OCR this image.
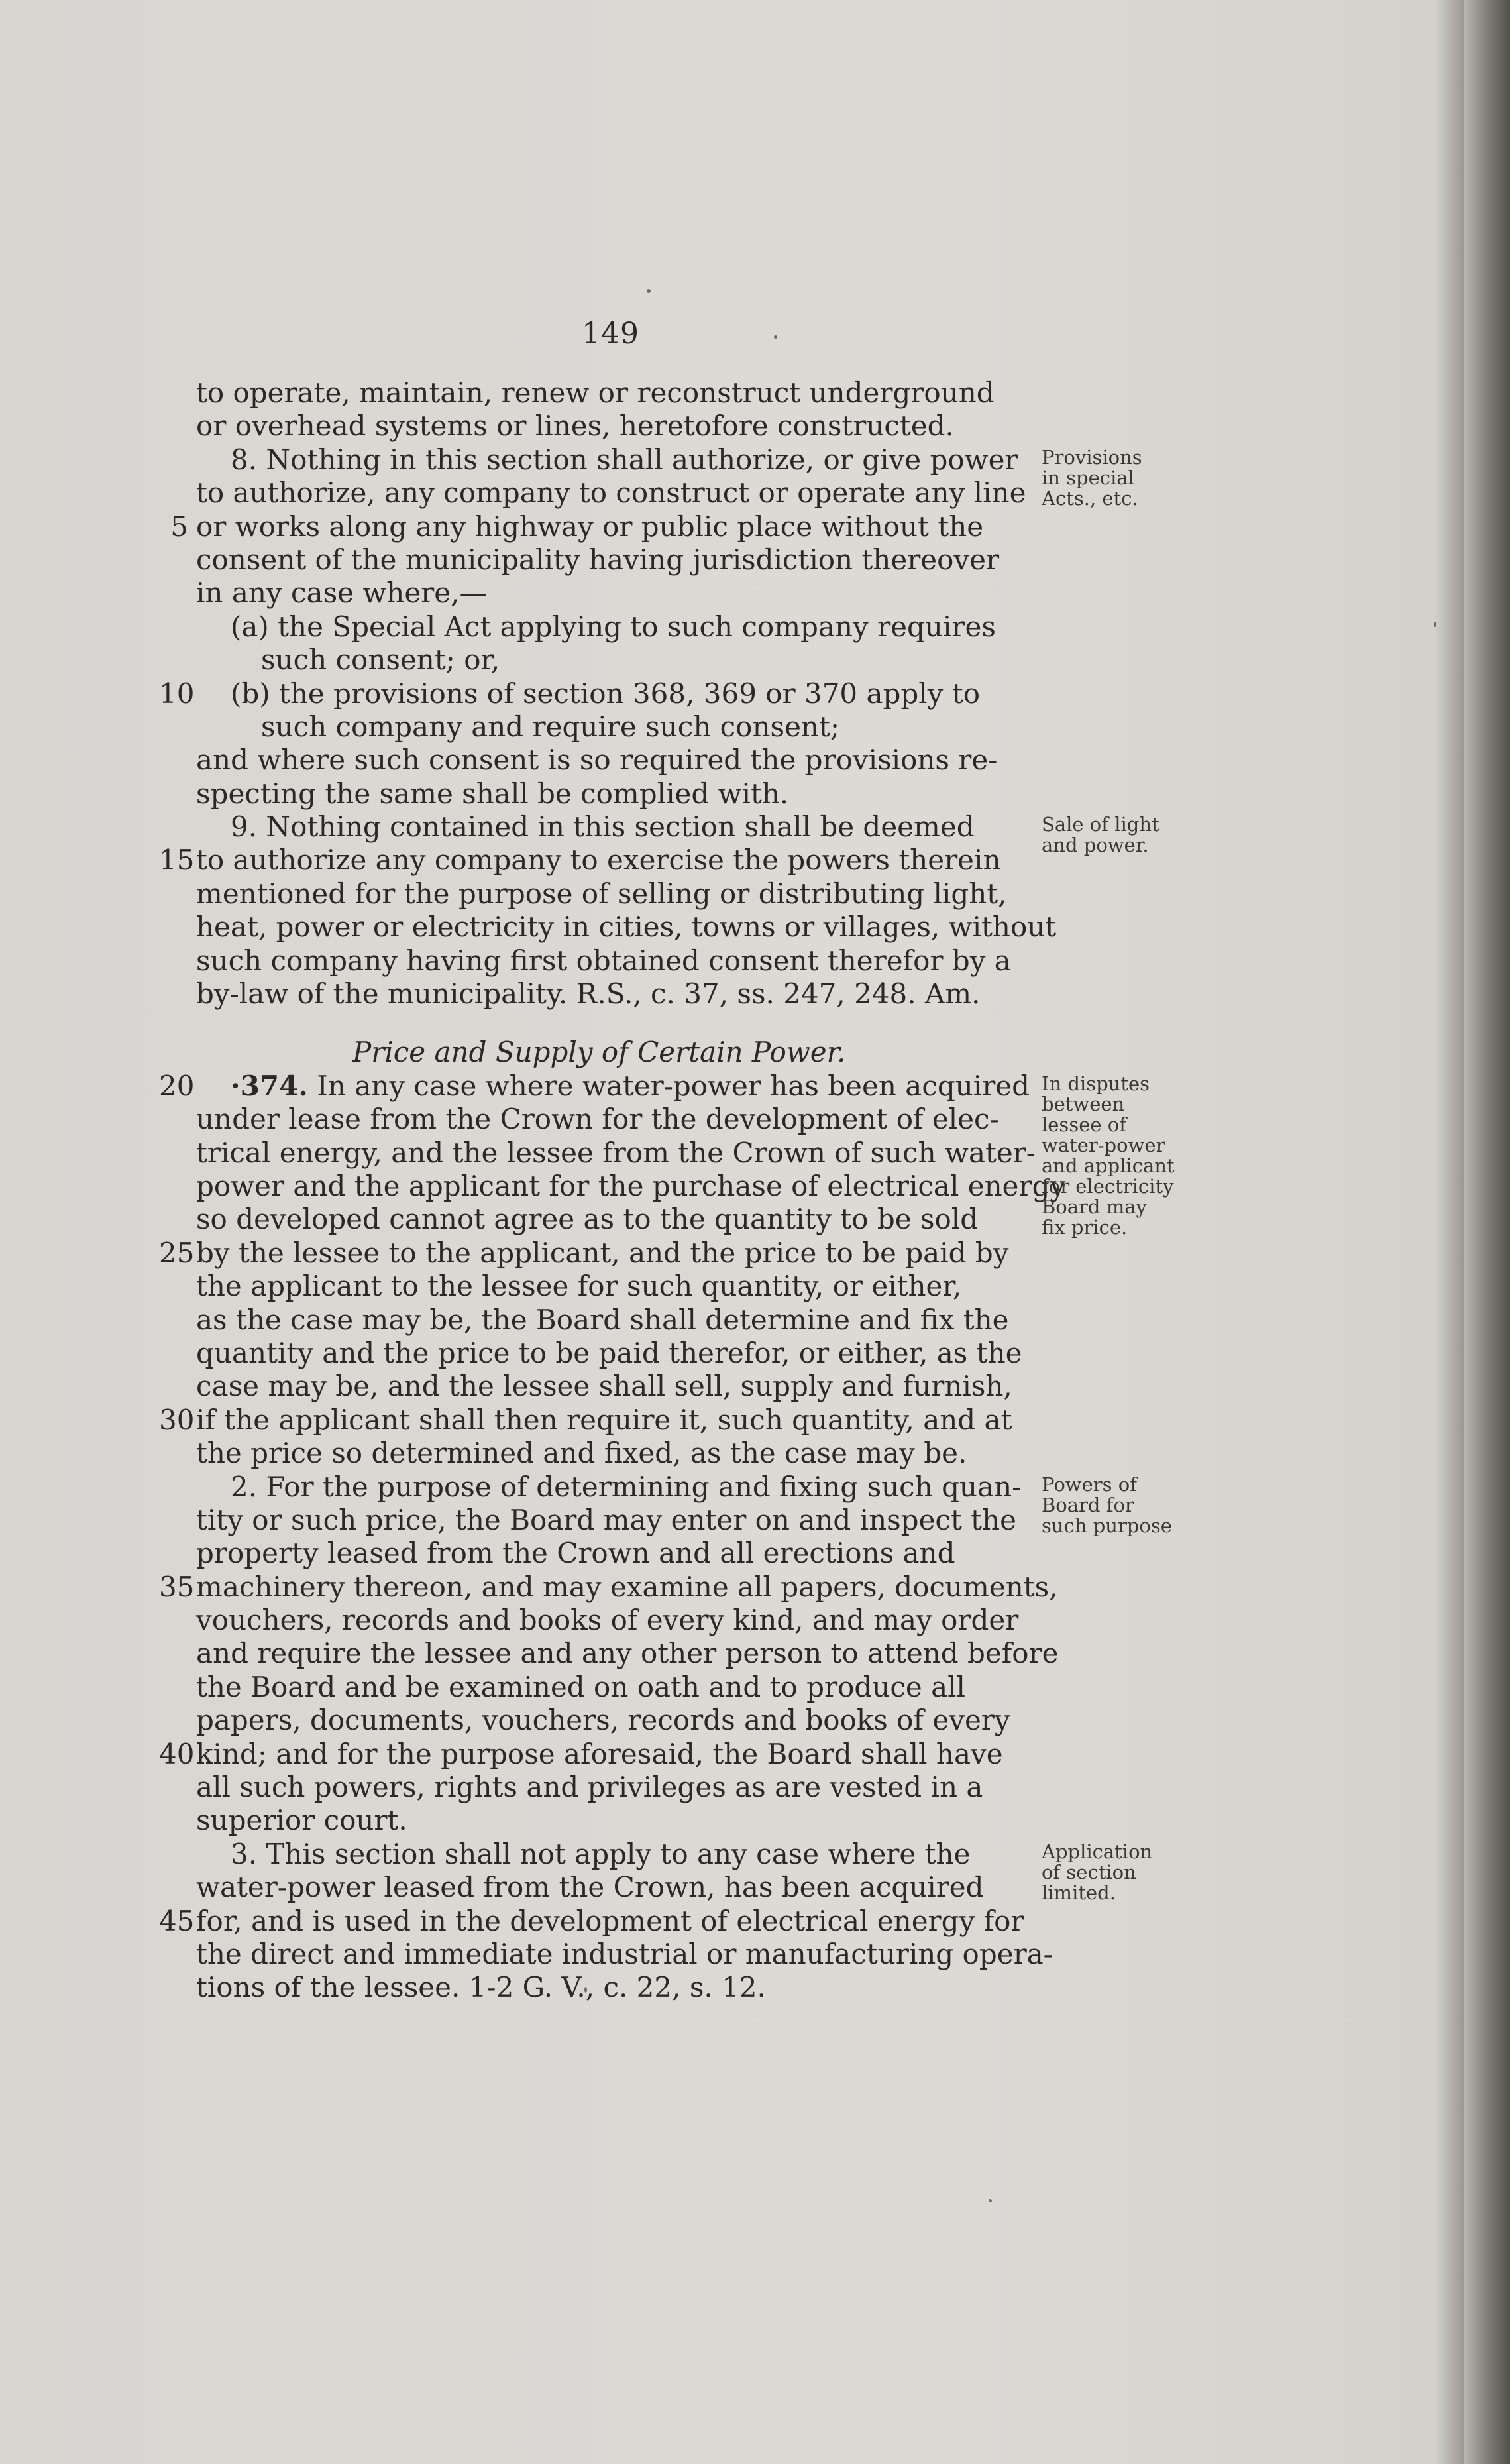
149
to operate, maintain, renew or reconstruct underground
or overhead systems or lines, heretofore constructed.
8. Nothing in this section shall authorize, or give power
to authorize, any company to construct or operate any line
5 or works along any highway or public place without the
consent of the municipality having jurisdiction thereover
in any case where,—
(a) the Special Act applying to such company requires
such consent; or,
10 (b) the provisions of section 368, 369 or 370 apply to
such company and require such consent;
and where such consent is so required the provisions re-
specting the same shall be complied with.
9. Nothing contained in this section shall be deemed
15 to authorize any company to exercise the powers therein
mentioned for the purpose of selling or distributing light,
heat, power or electricity in cities, towns or villages, without
such company having first obtained consent therefor by a
by-law of the municipality. R.S., c. 37, ss. 247, 248. Am.
Price and Supply of Certain Power.
20 ·374. In any case where water-power has been acquired
under lease from the Crown for the development of elec-
trical energy, and the lessee from the Crown of such water-
power and the applicant for the purchase of electrical energy
so developed cannot agree as to the quantity to be sold
25 by the lessee to the applicant, and the price to be paid by
the applicant to the lessee for such quantity, or either,
as the case may be, the Board shall determine and fix the
quantity and the price to be paid therefor, or either, as the
case may be, and the lessee shall sell, supply and furnish,
30 if the applicant shall then require it, such quantity, and at
the price so determined and fixed, as the case may be.
2. For the purpose of determining and fixing such quan-
tity or such price, the Board may enter on and inspect the
property leased from the Crown and all erections and
35 machinery thereon, and may examine all papers, documents,
vouchers, records and books of every kind, and may order
and require the lessee and any other person to attend before
the Board and be examined on oath and to produce all
papers, documents, vouchers, records and books of every
40 kind; and for the purpose aforesaid, the Board shall have
all such powers, rights and privileges as are vested in a
superior court.
3. This section shall not apply to any case where the
water-power leased from the Crown, has been acquired
45 for, and is used in the development of electrical energy for
the direct and immediate industrial or manufacturing opera-
tions of the lessee. 1-2 G. V., c. 22, s. 12.
Provisions
in special
Acts., etc.
Sale of light
and power.
In disputes
between
lessee of
water-power
and applicant
for electricity
Board may
fix price.
Powers of
Board for
such purpose
Application
of section
limited.
